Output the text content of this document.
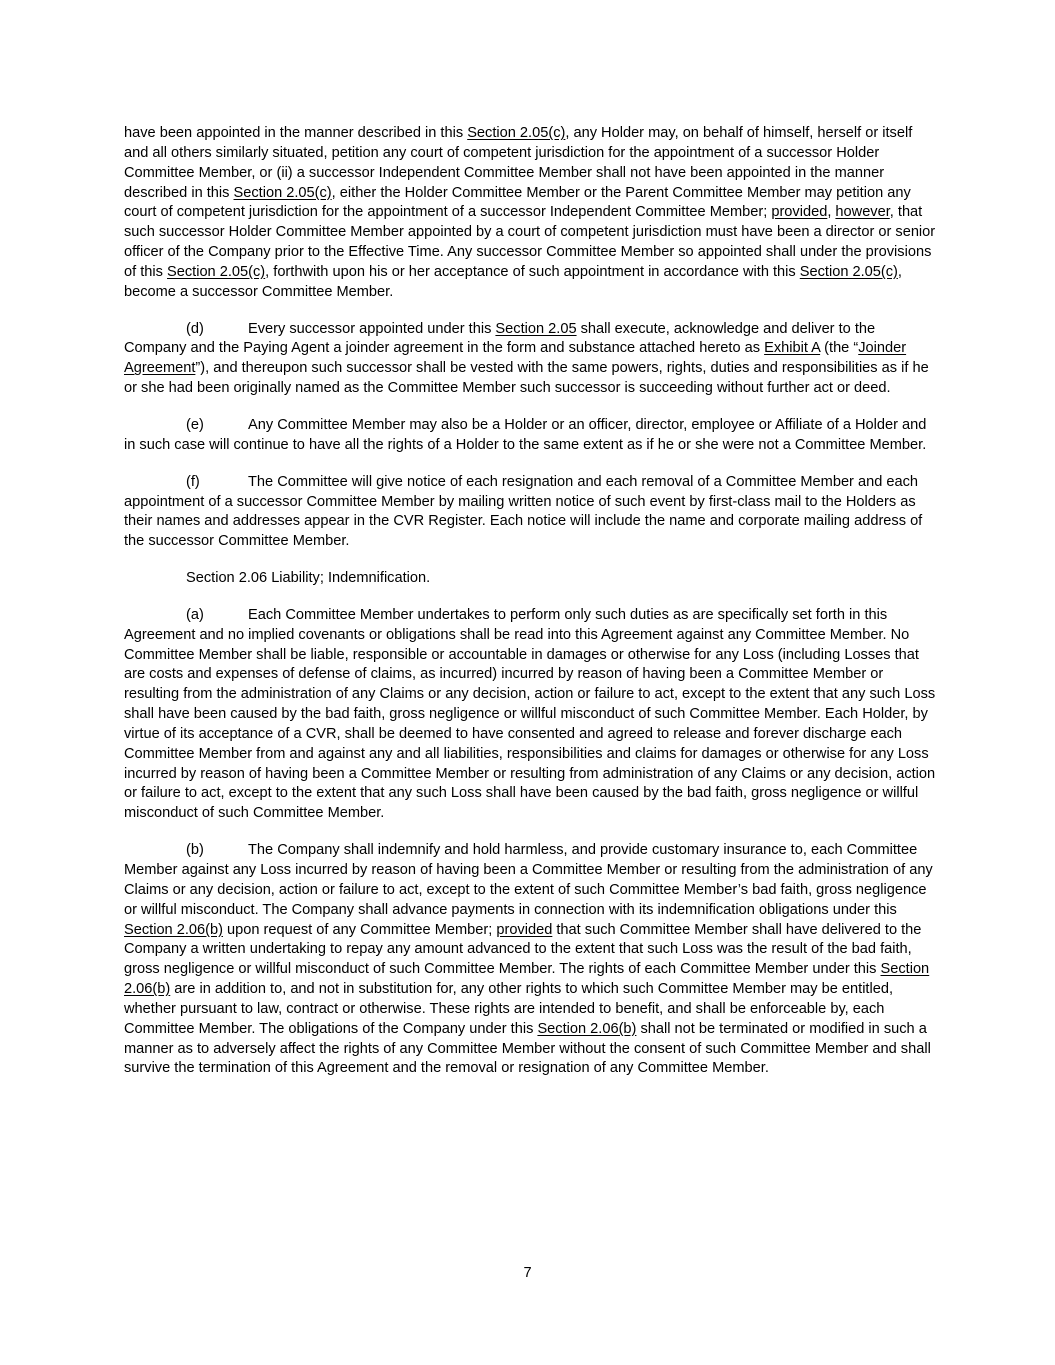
have been appointed in the manner described in this Section 2.05(c), any Holder may, on behalf of himself, herself or itself and all others similarly situated, petition any court of competent jurisdiction for the appointment of a successor Holder Committee Member, or (ii) a successor Independent Committee Member shall not have been appointed in the manner described in this Section 2.05(c), either the Holder Committee Member or the Parent Committee Member may petition any court of competent jurisdiction for the appointment of a successor Independent Committee Member; provided, however, that such successor Holder Committee Member appointed by a court of competent jurisdiction must have been a director or senior officer of the Company prior to the Effective Time. Any successor Committee Member so appointed shall under the provisions of this Section 2.05(c), forthwith upon his or her acceptance of such appointment in accordance with this Section 2.05(c), become a successor Committee Member.

(d)	Every successor appointed under this Section 2.05 shall execute, acknowledge and deliver to the Company and the Paying Agent a joinder agreement in the form and substance attached hereto as Exhibit A (the “Joinder Agreement”), and thereupon such successor shall be vested with the same powers, rights, duties and responsibilities as if he or she had been originally named as the Committee Member such successor is succeeding without further act or deed.

(e)	Any Committee Member may also be a Holder or an officer, director, employee or Affiliate of a Holder and in such case will continue to have all the rights of a Holder to the same extent as if he or she were not a Committee Member.

(f)	The Committee will give notice of each resignation and each removal of a Committee Member and each appointment of a successor Committee Member by mailing written notice of such event by first-class mail to the Holders as their names and addresses appear in the CVR Register. Each notice will include the name and corporate mailing address of the successor Committee Member.

Section 2.06 Liability; Indemnification.

(a)	Each Committee Member undertakes to perform only such duties as are specifically set forth in this Agreement and no implied covenants or obligations shall be read into this Agreement against any Committee Member. No Committee Member shall be liable, responsible or accountable in damages or otherwise for any Loss (including Losses that are costs and expenses of defense of claims, as incurred) incurred by reason of having been a Committee Member or resulting from the administration of any Claims or any decision, action or failure to act, except to the extent that any such Loss shall have been caused by the bad faith, gross negligence or willful misconduct of such Committee Member. Each Holder, by virtue of its acceptance of a CVR, shall be deemed to have consented and agreed to release and forever discharge each Committee Member from and against any and all liabilities, responsibilities and claims for damages or otherwise for any Loss incurred by reason of having been a Committee Member or resulting from administration of any Claims or any decision, action or failure to act, except to the extent that any such Loss shall have been caused by the bad faith, gross negligence or willful misconduct of such Committee Member.

(b)	The Company shall indemnify and hold harmless, and provide customary insurance to, each Committee Member against any Loss incurred by reason of having been a Committee Member or resulting from the administration of any Claims or any decision, action or failure to act, except to the extent of such Committee Member’s bad faith, gross negligence or willful misconduct. The Company shall advance payments in connection with its indemnification obligations under this Section 2.06(b) upon request of any Committee Member; provided that such Committee Member shall have delivered to the Company a written undertaking to repay any amount advanced to the extent that such Loss was the result of the bad faith, gross negligence or willful misconduct of such Committee Member. The rights of each Committee Member under this Section 2.06(b) are in addition to, and not in substitution for, any other rights to which such Committee Member may be entitled, whether pursuant to law, contract or otherwise. These rights are intended to benefit, and shall be enforceable by, each Committee Member. The obligations of the Company under this Section 2.06(b) shall not be terminated or modified in such a manner as to adversely affect the rights of any Committee Member without the consent of such Committee Member and shall survive the termination of this Agreement and the removal or resignation of any Committee Member.

7
